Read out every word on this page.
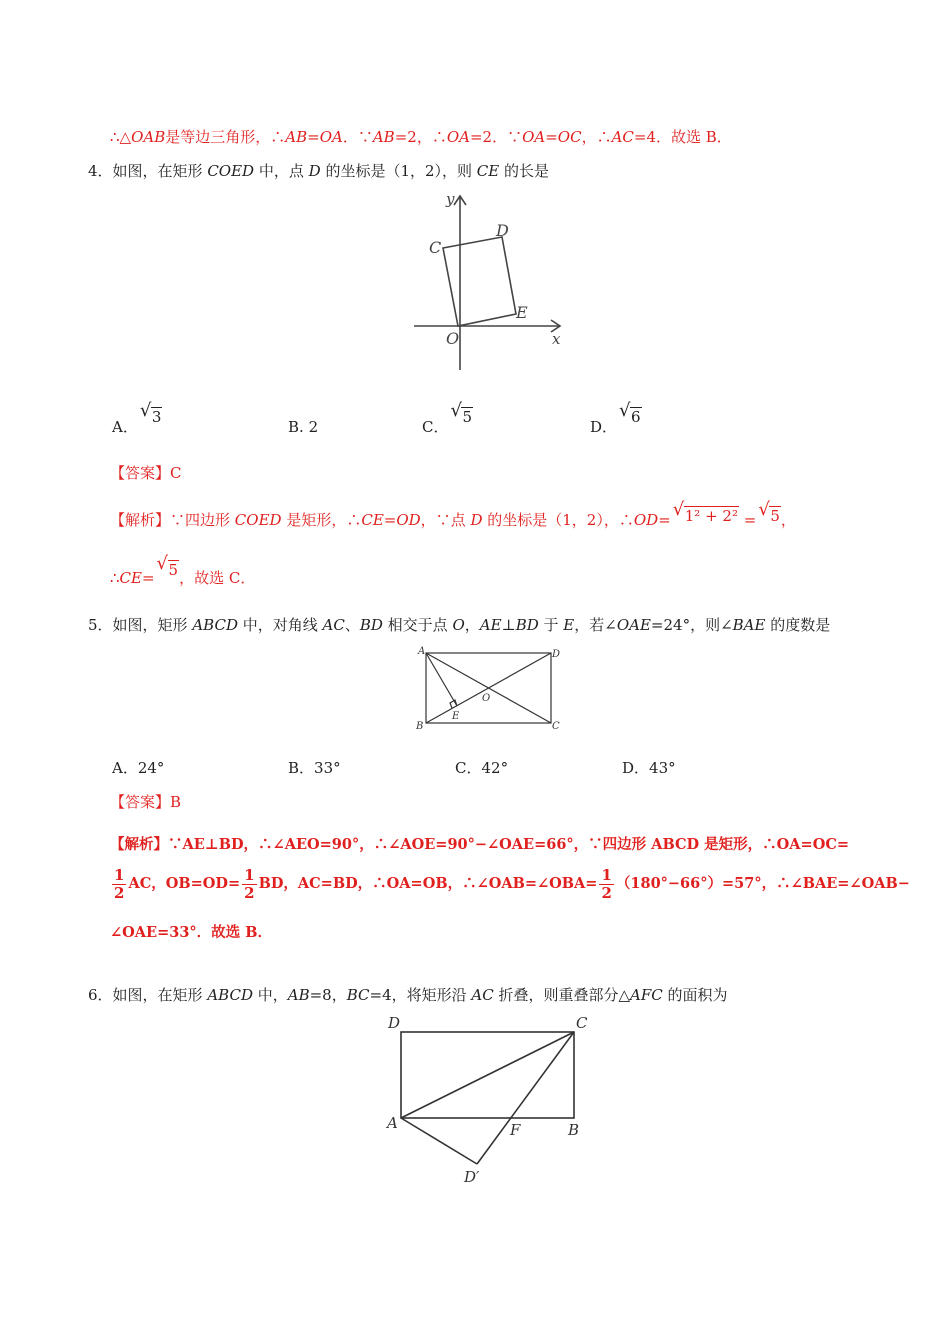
∴△OAB是等边三角形，∴AB=OA．∵AB=2，∴OA=2．∵OA=OC，∴AC=4．故选 B．
4．如图，在矩形 COED 中，点 D 的坐标是（1，2），则 CE 的长是
y
x
C
D
E
O
A．
√ 3
B. 2	C．
√ 5
D．
√ 6
【答案】C
【解析】∵四边形 COED 是矩形，∴CE=OD，∵点 D 的坐标是（1，2），∴OD= √ 1² + 2² = √ 5，
∴CE=
√ 5，故选 C．
5．如图，矩形 ABCD 中，对角线 AC、BD 相交于点 O，AE⊥BD 于 E，若∠OAE=24°，则∠BAE 的度数是
A
B	C
D
E
O
A．24°	B．33°	C．42°	D．43°
【答案】B
【解析】∵AE⊥BD，∴∠AEO=90°，∴∠AOE=90°−∠OAE=66°，∵四边形 ABCD 是矩形，∴OA=OC=
$\frac{1}{2}$ AC，$OB=OD= \frac{1}{2}$ BD，AC=BD，∴OA=OB，∴∠OAB=∠OBA= $\frac{1}{2} (180^\circ-66^\circ)=57^\circ$，∴∠BAE=∠OAB−
∠OAE=33°．故选 B．
6．如图，在矩形 ABCD 中，AB=8，BC=4，将矩形沿 AC 折叠，则重叠部分△AFC 的面积为
D	C
A	F	B
D′
